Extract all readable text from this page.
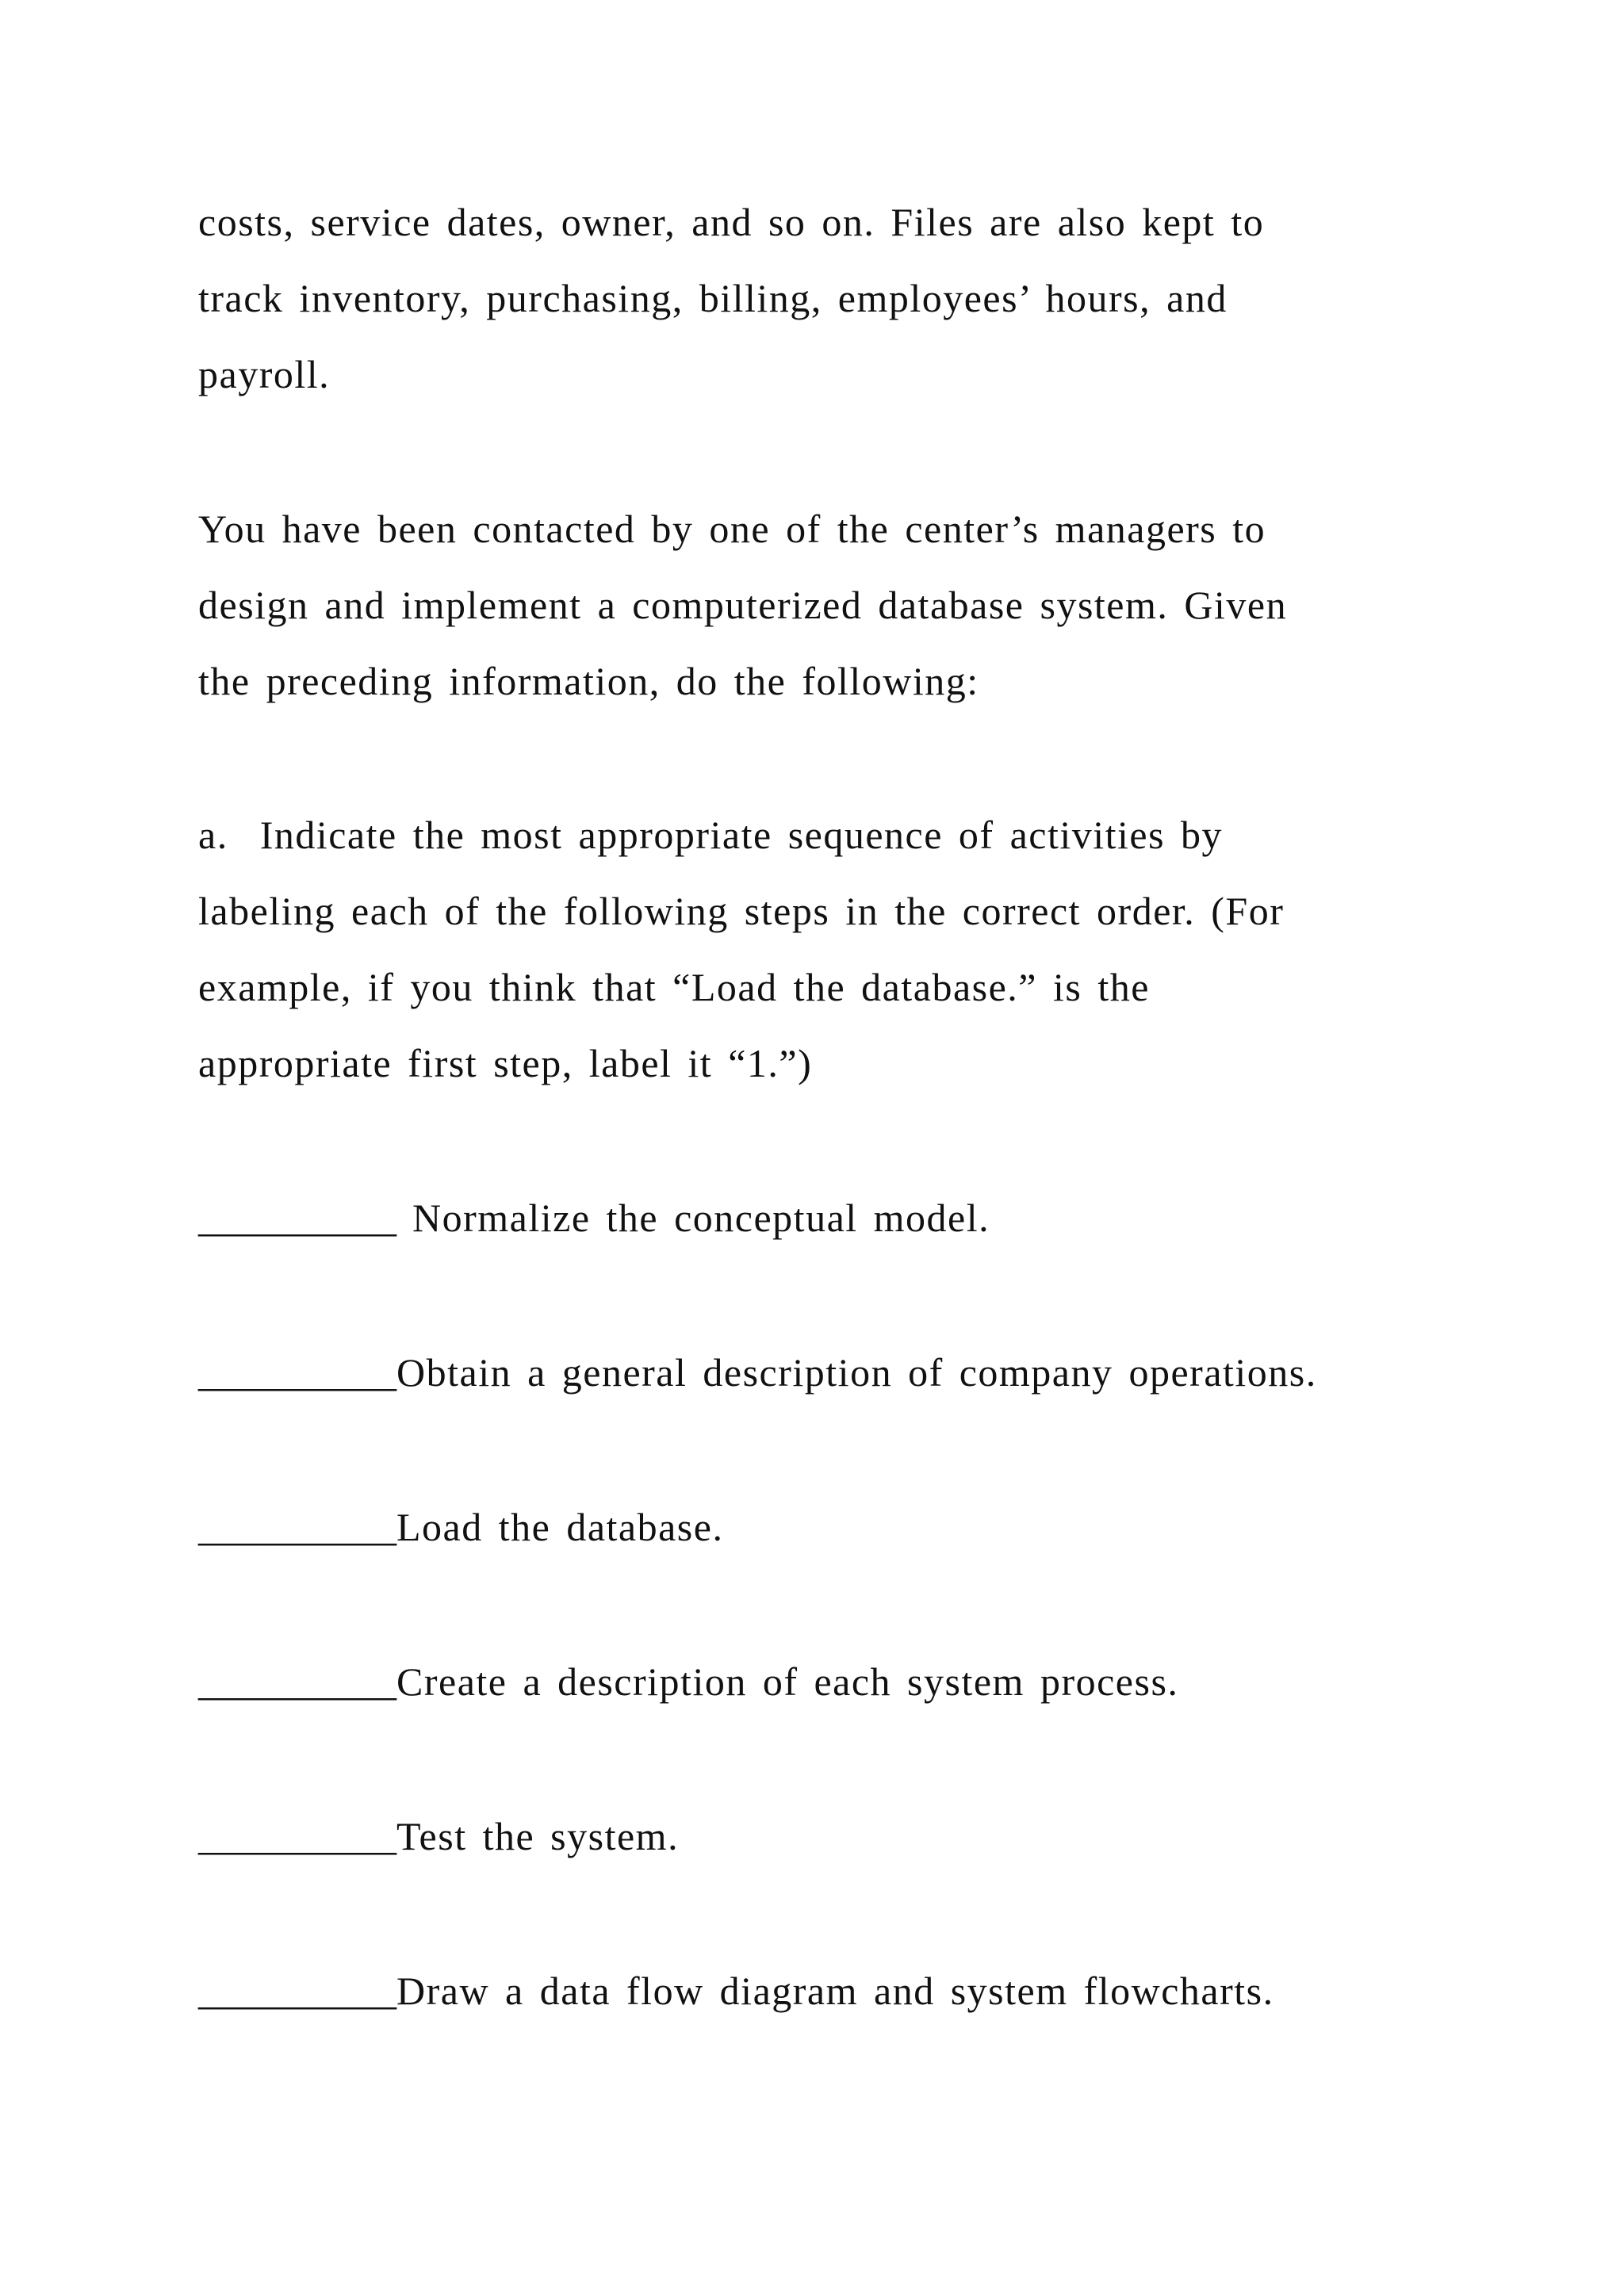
costs, service dates, owner, and so on. Files are also kept to
track inventory, purchasing, billing, employees’ hours, and
payroll.
You have been contacted by one of the center’s managers to
design and implement a computerized database system. Given
the preceding information, do the following:
a.  Indicate the most appropriate sequence of activities by
labeling each of the following steps in the correct order. (For
example, if you think that “Load the database.” is the
appropriate first step, label it “1.”)
__________ Normalize the conceptual model.
__________Obtain a general description of company operations.
__________Load the database.
__________Create a description of each system process.
__________Test the system.
__________Draw a data flow diagram and system flowcharts.
